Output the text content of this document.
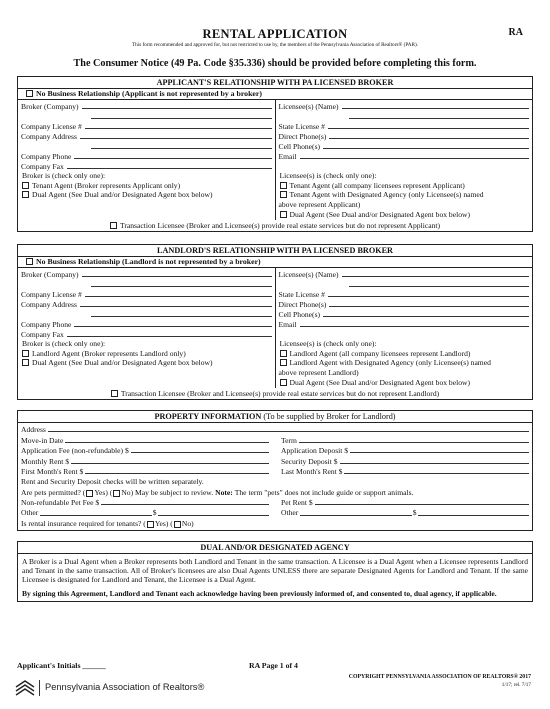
RENTAL APPLICATION	RA
This form recommended and approved for, but not restricted to use by, the members of the Pennsylvania Association of Realtors® (PAR).
The Consumer Notice (49 Pa. Code §35.336) should be provided before completing this form.
APPLICANT'S RELATIONSHIP WITH PA LICENSED BROKER
No Business Relationship (Applicant is not represented by a broker)
Broker (Company)
Company License #
Company Address
Company Phone
Company Fax
Broker is (check only one):
Tenant Agent (Broker represents Applicant only)
Dual Agent (See Dual and/or Designated Agent box below)
Licensee(s) (Name)
State License #
Direct Phone(s)
Cell Phone(s)
Email
Licensee(s) is (check only one):
Tenant Agent (all company licensees represent Applicant)
Tenant Agent with Designated Agency (only Licensee(s) named
above represent Applicant)
Dual Agent (See Dual and/or Designated Agent box below)
Transaction Licensee (Broker and Licensee(s) provide real estate services but do not represent Applicant)
LANDLORD'S RELATIONSHIP WITH PA LICENSED BROKER
No Business Relationship (Landlord is not represented by a broker)
Broker (Company)
Company License #
Company Address
Company Phone
Company Fax
Broker is (check only one):
Landlord Agent (Broker represents Landlord only)
Dual Agent (See Dual and/or Designated Agent box below)
Licensee(s) (Name)
State License #
Direct Phone(s)
Cell Phone(s)
Email
Licensee(s) is (check only one):
Landlord Agent (all company licensees represent Landlord)
Landlord Agent with Designated Agency (only Licensee(s) named
above represent Landlord)
Dual Agent (See Dual and/or Designated Agent box below)
Transaction Licensee (Broker and Licensee(s) provide real estate services but do not represent Landlord)
PROPERTY INFORMATION (To be supplied by Broker for Landlord)
Address
Move-in Date	Term
Application Fee (non-refundable) $	Application Deposit $
Monthly Rent $	Security Deposit $
First Month's Rent $	Last Month's Rent $
Rent and Security Deposit checks will be written separately.
Are pets permitted? ( Yes) ( No) May be subject to review.
Note:
The term "pets" does not include guide or support animals.
Non-refundable Pet Fee $	Pet Rent $
Other	$	Other	$
Is rental insurance required for tenants? ( Yes) ( No)
DUAL AND/OR DESIGNATED AGENCY

A Broker is a Dual Agent when a Broker represents both Landlord and Tenant in the same transaction. A Licensee is a Dual Agent when a Licensee represents Landlord and Tenant in the same transaction. All of Broker's licensees are also Dual Agents UNLESS there are separate Designated Agents for Landlord and Tenant. If the same Licensee is designated for Landlord and Tenant, the Licensee is a Dual Agent.

By signing this Agreement, Landlord and Tenant each acknowledge having been previously informed of, and consented to, dual agency, if applicable.

Applicant's Initials ______	RA Page 1 of 4
COPYRIGHT PENNSYLVANIA ASSOCIATION OF REALTORS® 2017
1/17; rel. 7/17
Pennsylvania Association of Realtors®
